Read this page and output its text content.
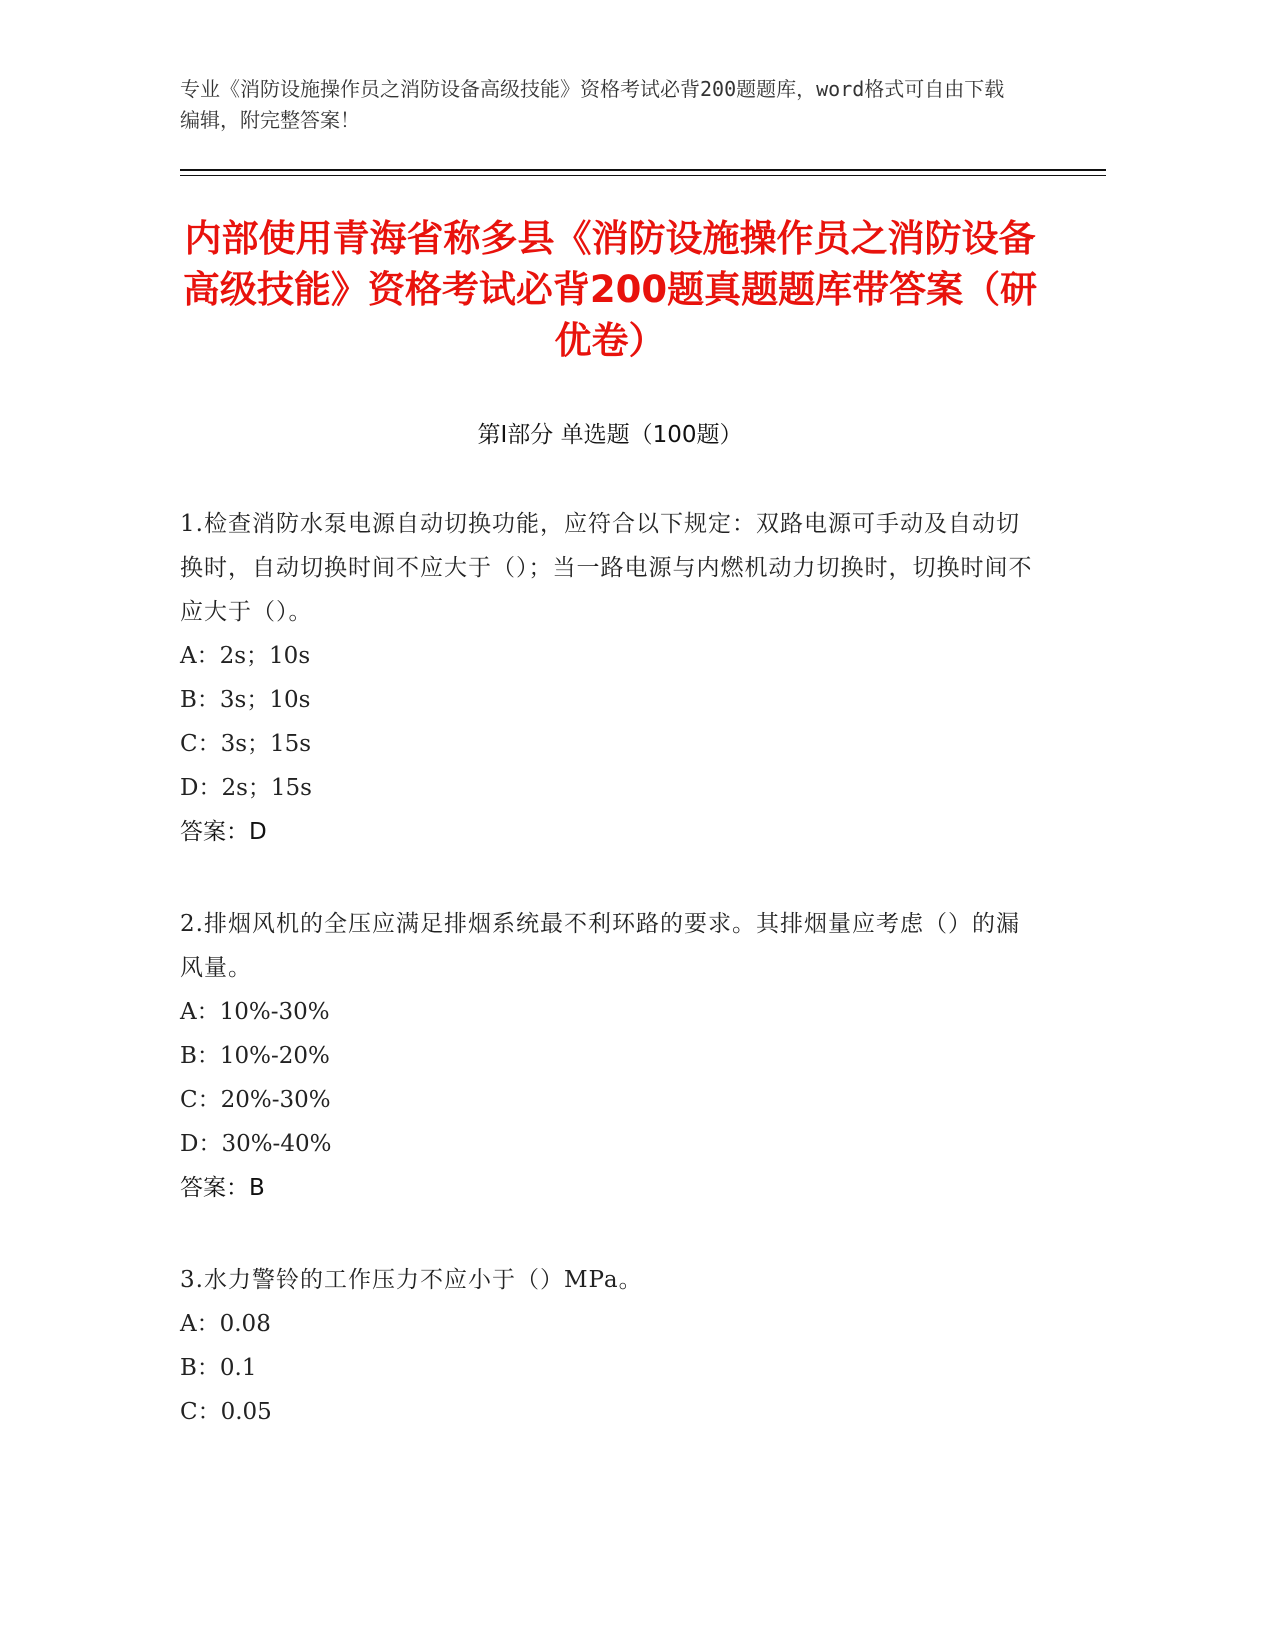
专业《消防设施操作员之消防设备高级技能》资格考试必背200题题库，word格式可自由下载编辑，附完整答案！
内部使用青海省称多县《消防设施操作员之消防设备高级技能》资格考试必背200题真题题库带答案（研优卷）
第I部分 单选题（100题）
1.检查消防水泵电源自动切换功能，应符合以下规定：双路电源可手动及自动切换时，自动切换时间不应大于（）；当一路电源与内燃机动力切换时，切换时间不应大于（）。
A：2s；10s
B：3s；10s
C：3s；15s
D：2s；15s
答案：D
2.排烟风机的全压应满足排烟系统最不利环路的要求。其排烟量应考虑（）的漏风量。
A：10%-30%
B：10%-20%
C：20%-30%
D：30%-40%
答案：B
3.水力警铃的工作压力不应小于（）MPa。
A：0.08
B：0.1
C：0.05
